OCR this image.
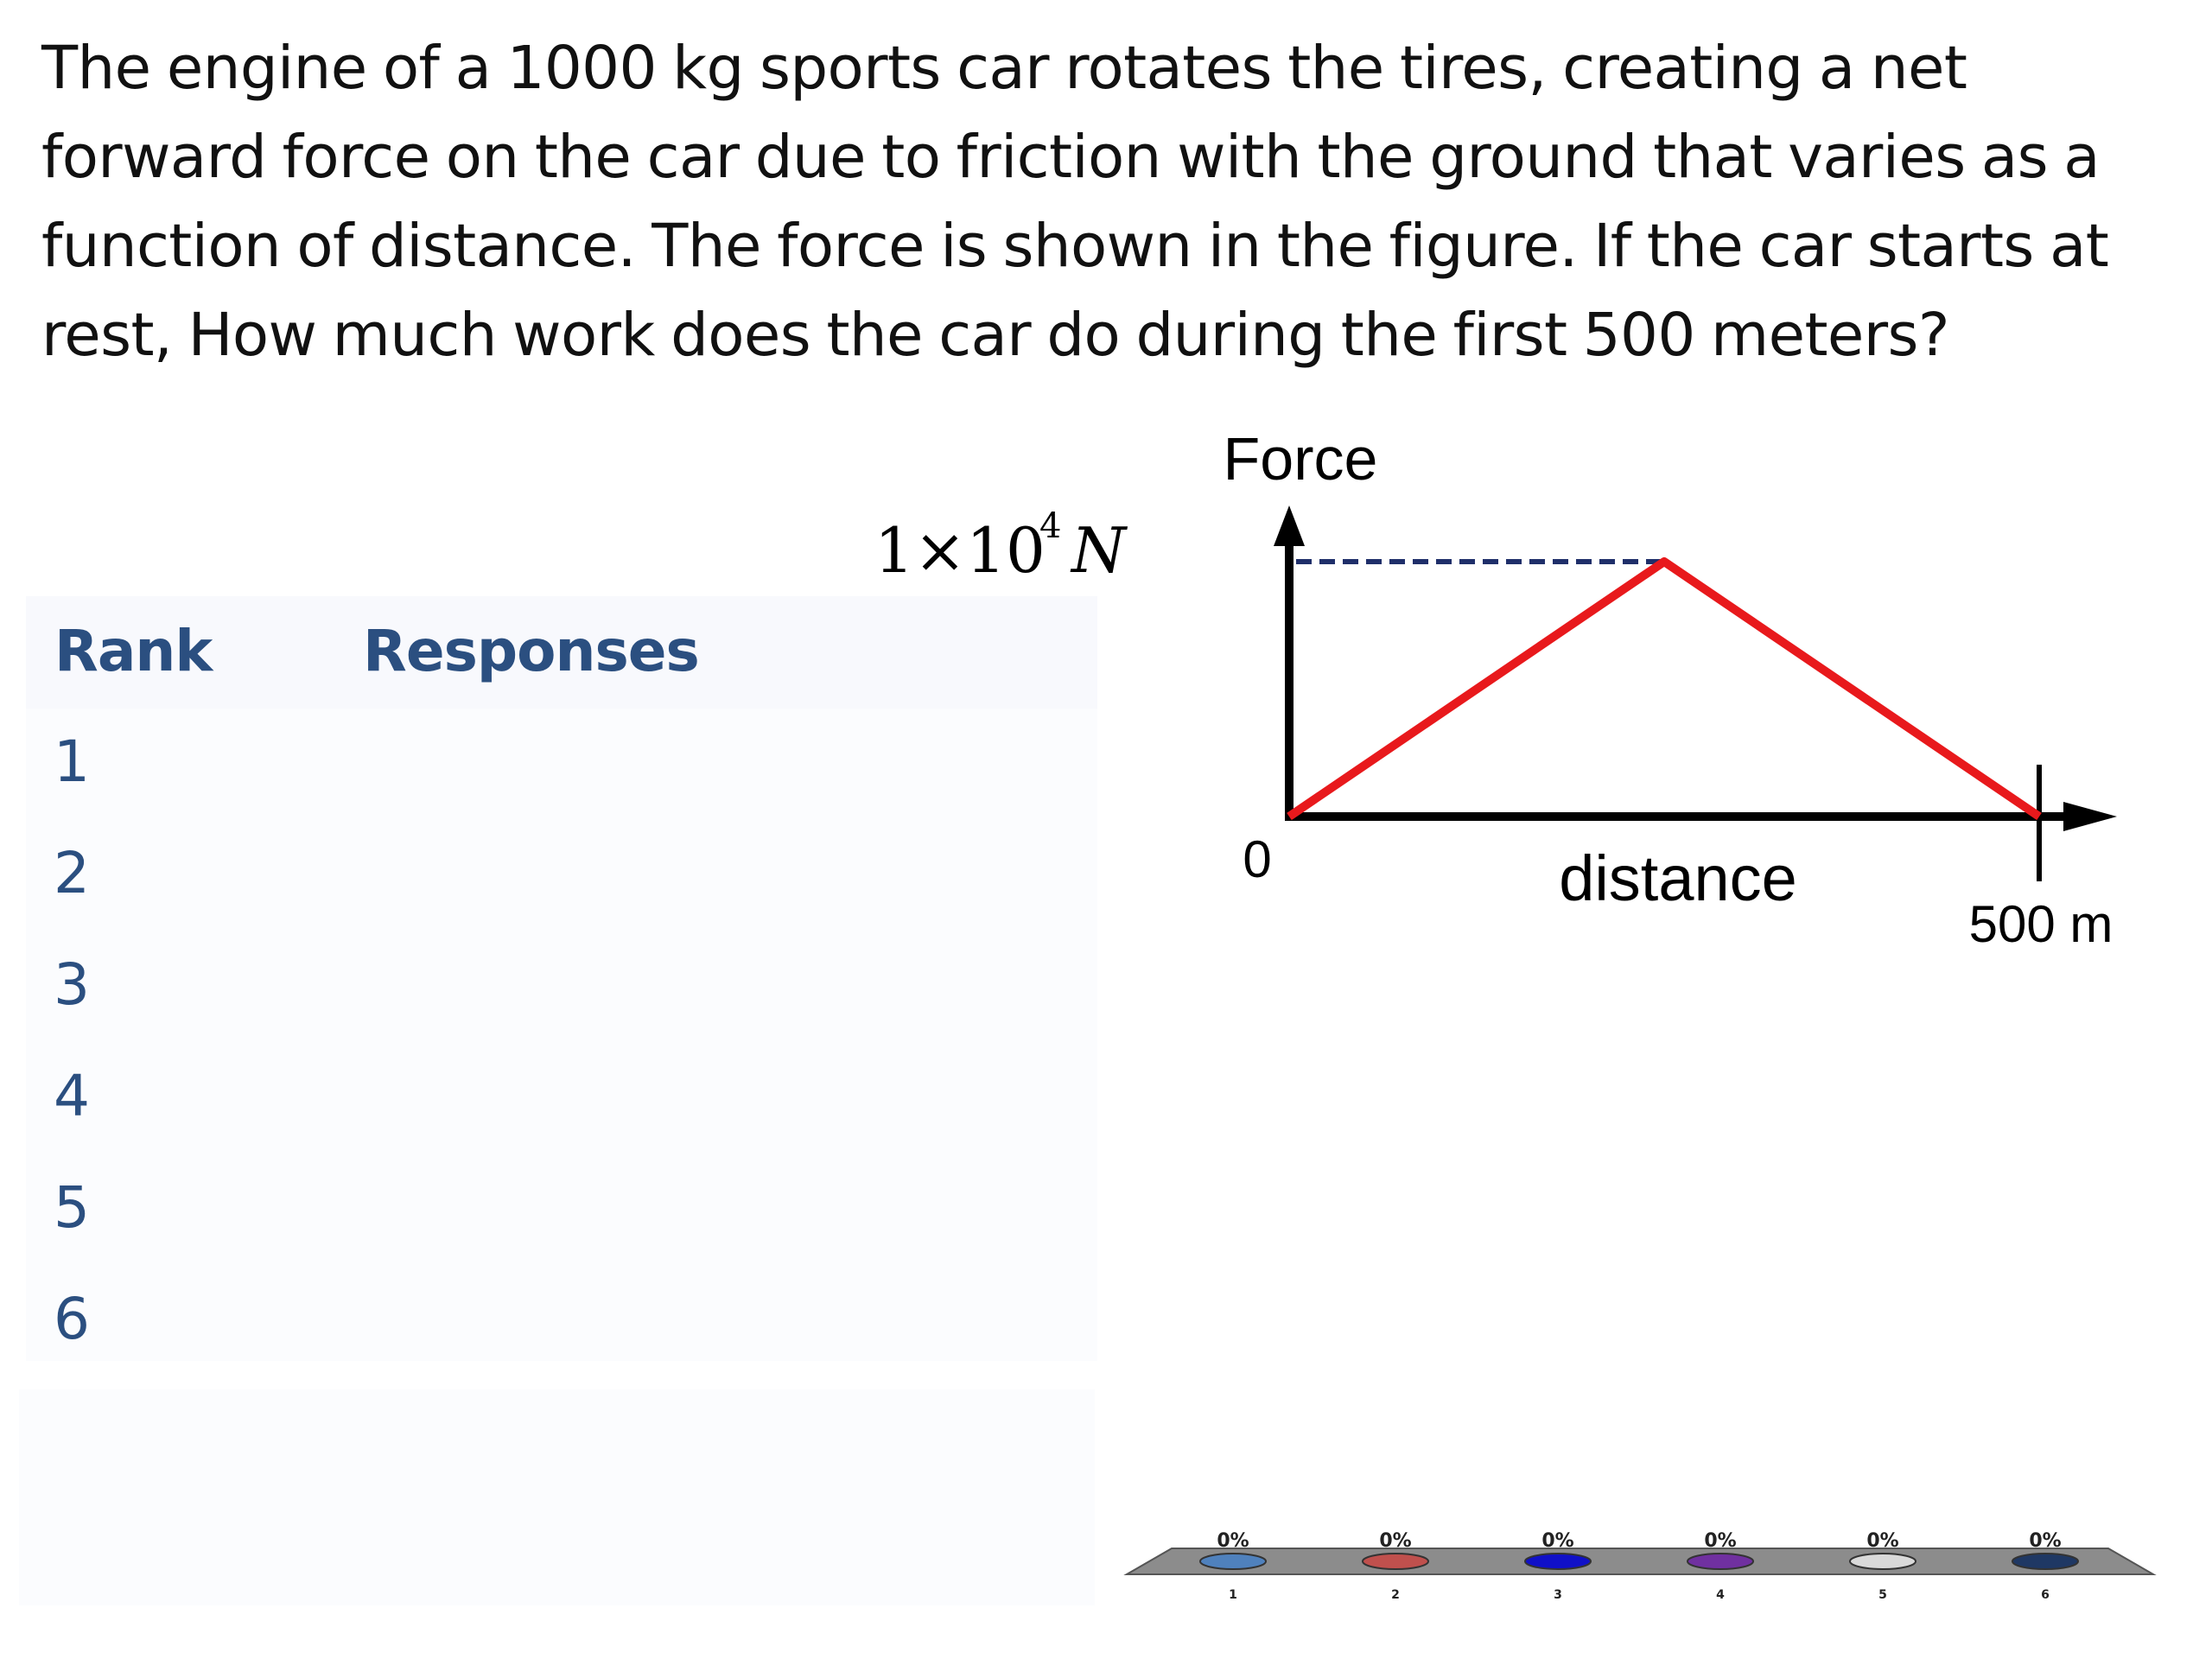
The engine of a 1000 kg sports car rotates the tires, creating a net
forward force on the car due to friction with the ground that varies as a
function of distance. The force is shown in the figure. If the car starts at
rest, How much work does the car do during the first 500 meters?

Rank	Responses
1
2
3
4
5
6
Force
1×10
4 N
0	distance
500 m
0%
1
0%
2
0%
3
0%
4
0%
5
0%
6
